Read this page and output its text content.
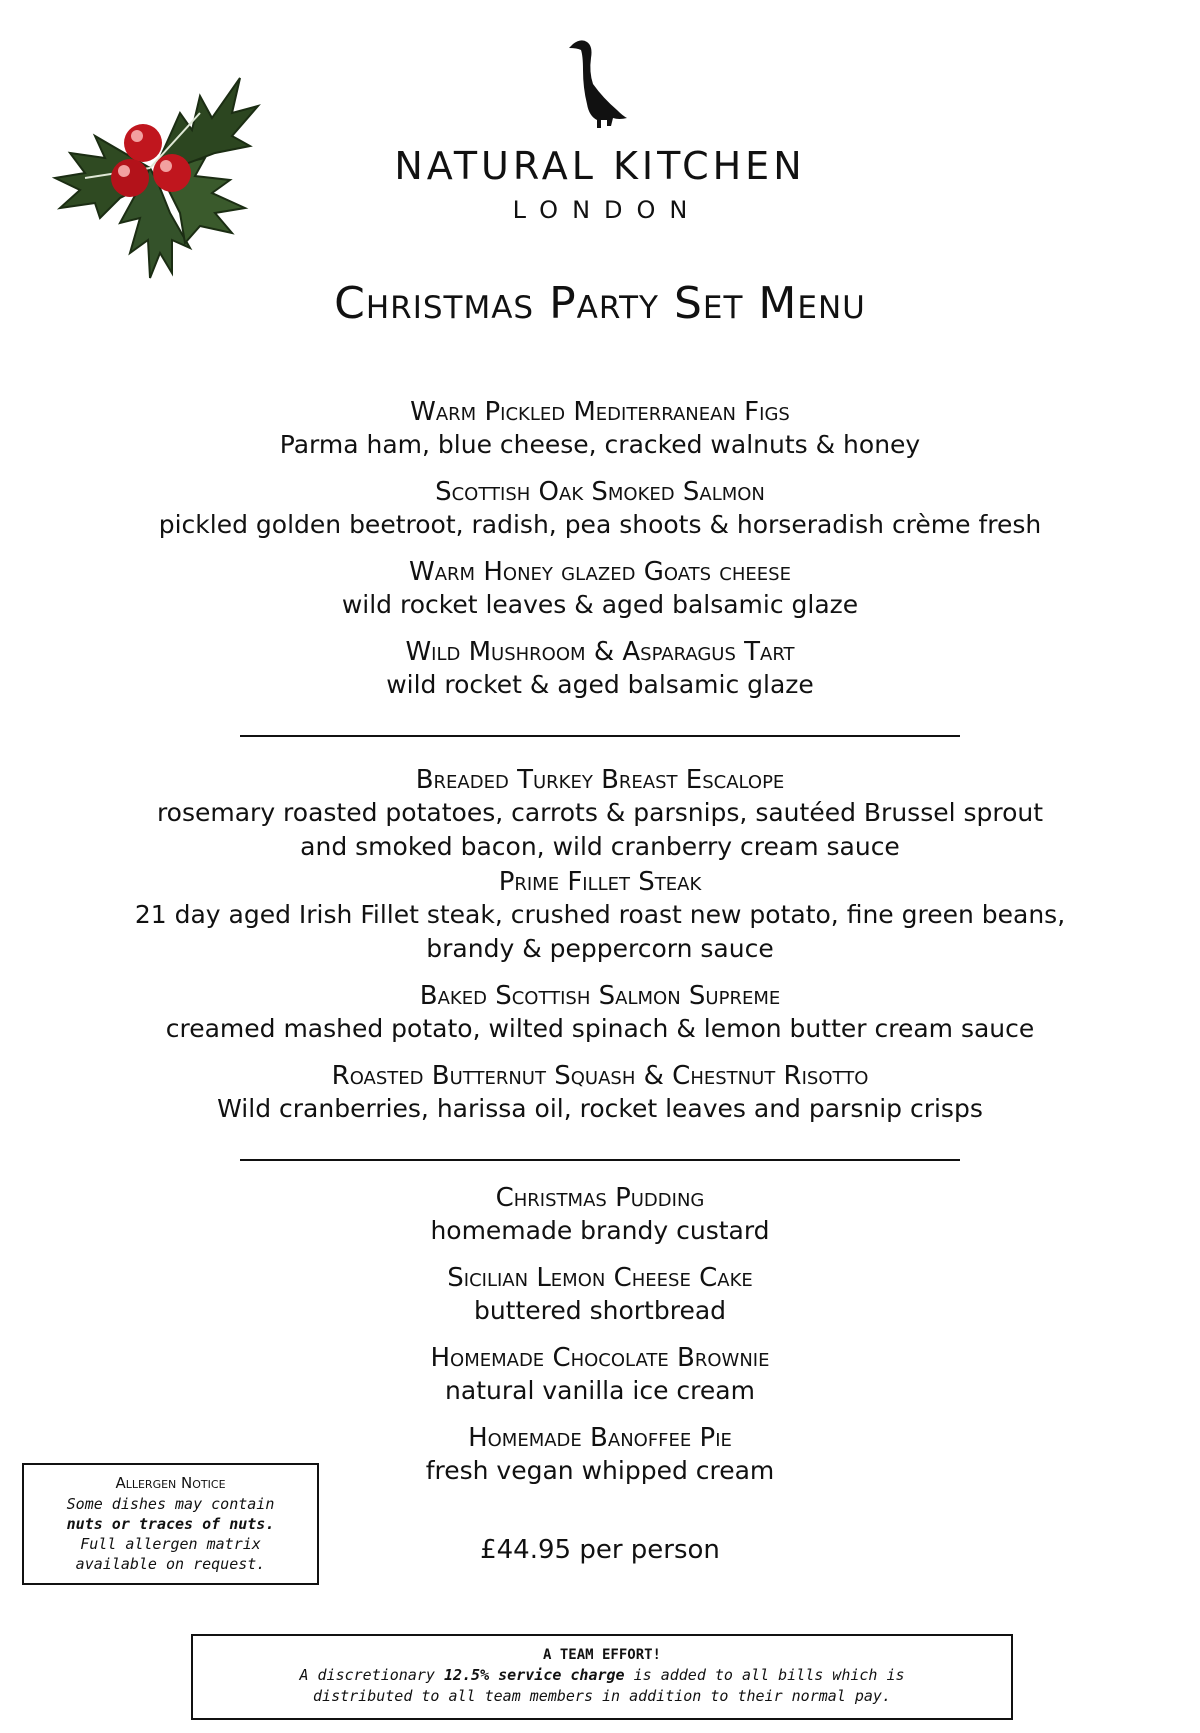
NATURAL KITCHEN
LONDON
Christmas Party Set Menu
Warm Pickled Mediterranean Figs
Parma ham, blue cheese, cracked walnuts & honey
Scottish Oak Smoked Salmon
pickled golden beetroot, radish, pea shoots & horseradish crème fresh
Warm Honey glazed Goats cheese
wild rocket leaves & aged balsamic glaze
Wild Mushroom & Asparagus Tart
wild rocket & aged balsamic glaze
Breaded Turkey Breast Escalope
rosemary roasted potatoes, carrots & parsnips, sautéed Brussel sprout
and smoked bacon, wild cranberry cream sauce
Prime Fillet Steak
21 day aged Irish Fillet steak, crushed roast new potato, fine green beans,
brandy & peppercorn sauce
Baked Scottish Salmon Supreme
creamed mashed potato, wilted spinach & lemon butter cream sauce
Roasted Butternut Squash & Chestnut Risotto
Wild cranberries, harissa oil, rocket leaves and parsnip crisps
Christmas Pudding
homemade brandy custard
Sicilian Lemon Cheese Cake
buttered shortbread
Homemade Chocolate Brownie
natural vanilla ice cream
Homemade Banoffee Pie
fresh vegan whipped cream
£44.95 per person
Allergen Notice
Some dishes may contain
nuts or traces of nuts.
Full allergen matrix
available on request.
A TEAM EFFORT!
A discretionary 12.5% service charge is added to all bills which is
distributed to all team members in addition to their normal pay.
